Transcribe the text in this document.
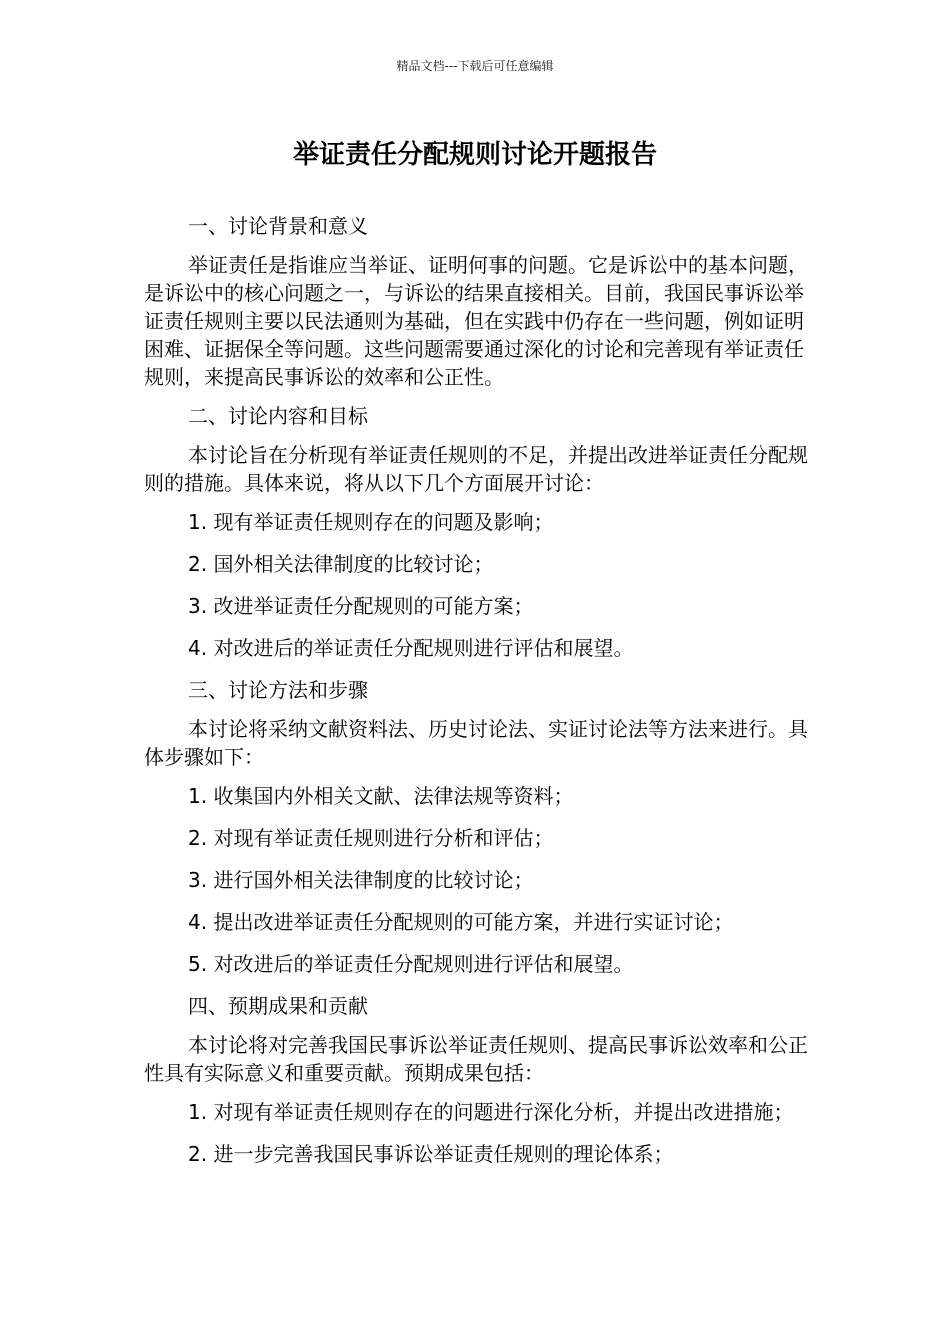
精品文档---下载后可任意编辑
举证责任分配规则讨论开题报告
一、讨论背景和意义
举证责任是指谁应当举证、证明何事的问题。它是诉讼中的基本问题，是诉讼中的核心问题之一，与诉讼的结果直接相关。目前，我国民事诉讼举证责任规则主要以民法通则为基础，但在实践中仍存在一些问题，例如证明困难、证据保全等问题。这些问题需要通过深化的讨论和完善现有举证责任规则，来提高民事诉讼的效率和公正性。
二、讨论内容和目标
本讨论旨在分析现有举证责任规则的不足，并提出改进举证责任分配规则的措施。具体来说，将从以下几个方面展开讨论：
1. 现有举证责任规则存在的问题及影响；
2. 国外相关法律制度的比较讨论；
3. 改进举证责任分配规则的可能方案；
4. 对改进后的举证责任分配规则进行评估和展望。
三、讨论方法和步骤
本讨论将采纳文献资料法、历史讨论法、实证讨论法等方法来进行。具体步骤如下：
1. 收集国内外相关文献、法律法规等资料；
2. 对现有举证责任规则进行分析和评估；
3. 进行国外相关法律制度的比较讨论；
4. 提出改进举证责任分配规则的可能方案，并进行实证讨论；
5. 对改进后的举证责任分配规则进行评估和展望。
四、预期成果和贡献
本讨论将对完善我国民事诉讼举证责任规则、提高民事诉讼效率和公正性具有实际意义和重要贡献。预期成果包括：
1. 对现有举证责任规则存在的问题进行深化分析，并提出改进措施；
2. 进一步完善我国民事诉讼举证责任规则的理论体系；
